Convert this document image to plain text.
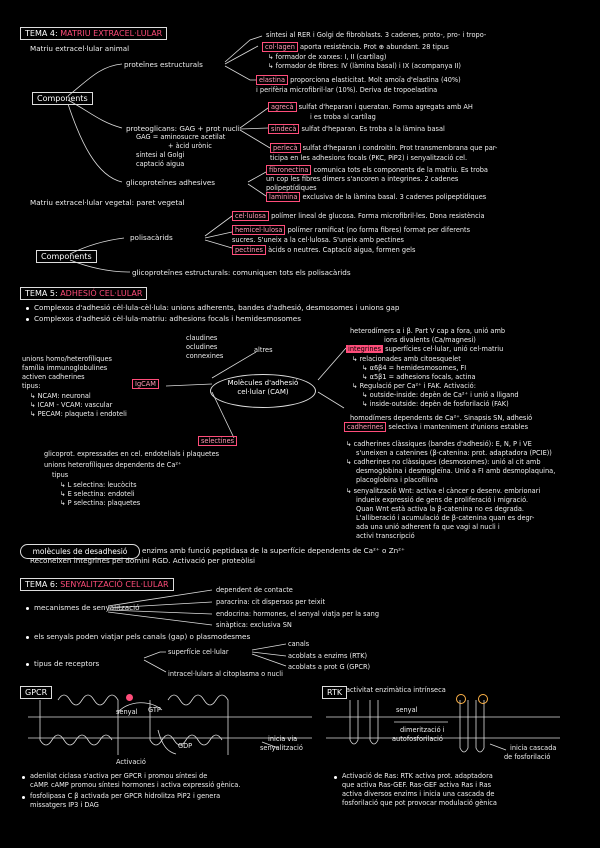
TEMA 4: MATRIU EXTRACEL·LULAR
Matriu extracel·lular animal
Components
proteïnes estructurals
síntesi al RER i Golgi de fibroblasts. 3 cadenes, proto-, pro- i tropo-
col·lagen aporta resistència. Prot ⊕ abundant. 28 tipus
↳ formador de xarxes: I, II (cartílag)
↳ formador de fibres: IV (làmina basal) i IX (acompanya II)
elastina proporciona elasticitat. Molt amoïa d'elastina (40%)
i perifèria microfibril·lar (10%). Deriva de tropoelastina
proteoglicans: GAG + prot nucli
GAG = aminosucre acetilat
+ àcid urònic
síntesi al Golgi
captació aigua
agrecà sulfat d'heparan i queratan. Forma agregats amb AH
i es troba al cartílag
sindecà sulfat d'heparan. Es troba a la làmina basal
perlecà sulfat d'heparan i condroitin. Prot transmembrana que par-
ticipa en les adhesions focals (PKC, PiP2) i senyalització cel.
glicoproteïnes adhesives
fibronectina comunica tots els components de la matriu. Es troba
un cop les fibres dimers s'ancoren a integrines. 2 cadenes
polipeptídiques
laminina exclusiva de la làmina basal. 3 cadenes polipeptídiques
Matriu extracel·lular vegetal: paret vegetal
Components
polisacàrids
cel·lulosa polímer lineal de glucosa. Forma microfibril·les. Dona resistència
hemicel·lulosa polímer ramificat (no forma fibres) format per diferents
sucres. S'uneix a la cel·lulosa. S'uneix amb pectines
pectines àcids o neutres. Captació aigua, formen gels
glicoproteïnes estructurals: comuniquen tots els polisacàrids
TEMA 5: ADHESIÓ CEL·LULAR
Complexos d'adhesió cèl·lula-cèl·lula: unions adherents, bandes d'adhesió, desmosomes i unions gap
Complexos d'adhesió cèl·lula-matriu: adhesions focals i hemidesmosomes
Molècules d'adhesió
cel·lular (CAM)
claudines
ocludines
connexines
altres
unions homo/heterofíliques
família immunoglobulines
activen cadherines
tipus:	IgCAM
↳ NCAM: neuronal
↳ ICAM - VCAM: vascular
↳ PECAM: plaqueta i endoteli
selectines
glicoprot. expressades en cel. endotelials i plaquetes
unions heterofíliques dependents de Ca²⁺
tipus
↳ L selectina: leucòcits
↳ E selectina: endoteli
↳ P selectina: plaquetes
heterodímers α i β. Part V cap a fora, unió amb
ions divalents (Ca/magnesi)
integrines superfícies cel·lular, unió cel-matriu
↳ relacionades amb citoesquelet
↳ α6β4 = hemidesmosomes, FI
↳ α5β1 = adhesions focals, actina
↳ Regulació per Ca²⁺ i FAK. Activació:
↳ outside-inside: depèn de Ca²⁺ i unió a lligand
↳ inside-outside: depèn de fosforilació (FAK)
homodímers dependents de Ca²⁺. Sinapsis SN, adhesió
cadherines selectiva i manteniment d'unions estables
↳ cadherines clàssiques (bandes d'adhesió): E, N, P i VE
s'uneixen a catenines (β-catenina: prot. adaptadora (PCIE))
↳ cadherines no clàssiques (desmosomes): unió al cit amb
desmoglobina i desmogleïna. Unió a FI amb desmoplaquina,
placoglobina i placofilina
↳ senyalització Wnt: activa el càncer o desenv. embrionari
indueix expressió de gens de proliferació i migració.
Quan Wnt està activa la β-catenina no es degrada.
L'alliberació i acumulació de β-catenina quan es degr-
ada una unió adherent fa que vagi al nucli i
activi transcripció
molècules de desadhesió	enzims amb funció peptidasa de la superfície dependents de Ca²⁺ o Zn²⁺
Reconeixen integrines pel domini RGD. Activació per proteòlisi
TEMA 6: SENYALITZACIÓ CEL·LULAR
mecanismes de senyalització
dependent de contacte
paracrina: cit dispersos per teixit
endocrina: hormones, el senyal viatja per la sang
sinàptica: exclusiva SN
els senyals poden viatjar pels canals (gap) o plasmodesmes
tipus de receptors
superfície cel·lular
canals
acoblats a enzims (RTK)
acoblats a prot G (GPCR)
intracel·lulars al citoplasma o nucli
GPCR
senyal GTP
GDP
Activació
inicia via
senyalització
RTK activitat enzimàtica intrínseca
senyal
dimerització i
autofosforilació
inicia cascada
de fosforilació
adenilat ciclasa s'activa per GPCR i promou síntesi de
cAMP. cAMP promou síntesi hormones i activa expressió gènica.
fosfolipasa C β activada per GPCR hidrolitza PiP2 i genera
missatgers IP3 i DAG
Activació de Ras: RTK activa prot. adaptadora
que activa Ras-GEF. Ras-GEF activa Ras i Ras
activa diversos enzims i inicia una cascada de
fosforilació que pot provocar modulació gènica
